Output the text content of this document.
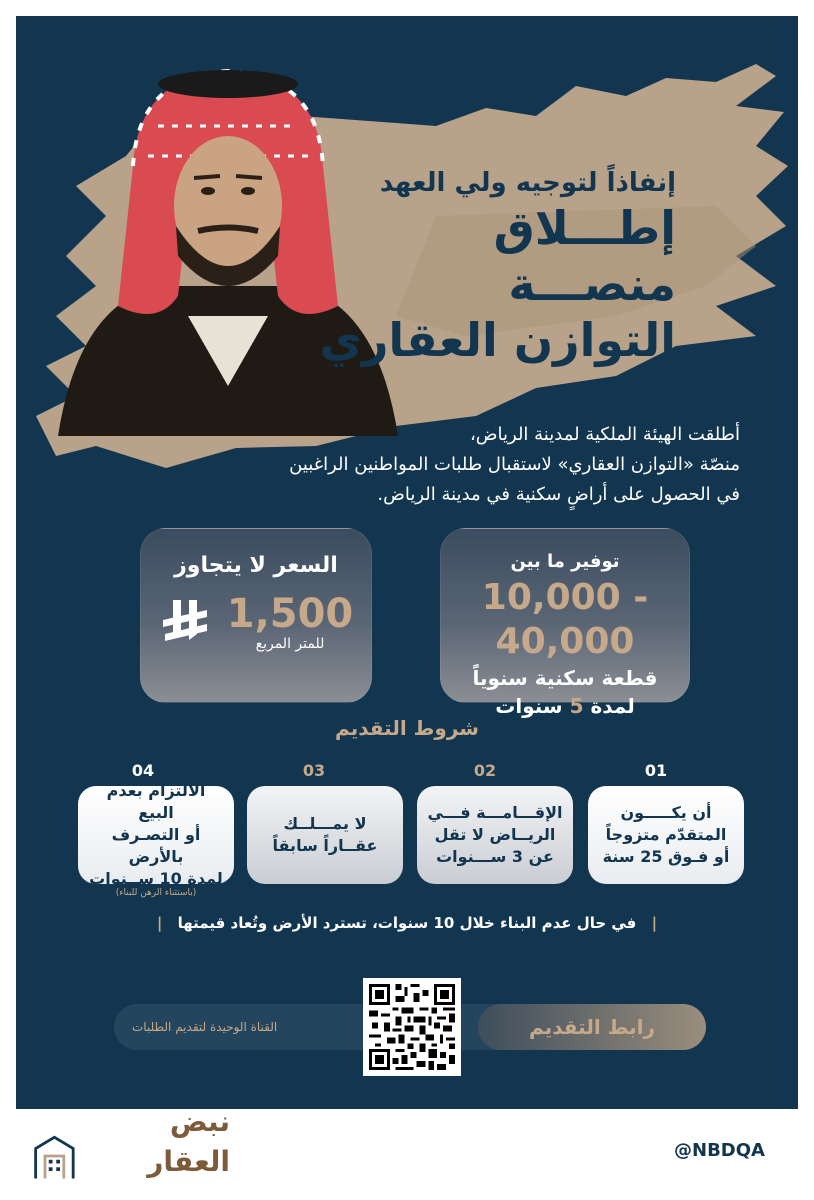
إنفاذاً لتوجيه ولي العهد
إطـــلاق منصـــة
التوازن العقاري
أطلقت الهيئة الملكية لمدينة الرياض،
منصّة «التوازن العقاري» لاستقبال طلبات المواطنين الراغبين
في الحصول على أراضٍ سكنية في مدينة الرياض.
السعر لا يتجاوز
1,500
للمتر المربع
توفير ما بين
10,000 - 40,000
قطعة سكنية سنوياً
لمدة 5 سنوات
شروط التقديم
01
02
03
04
أن يكـــــون
المتقدّم متزوجاً
أو فـوق 25 سنة
الإقـــامـــة فـــي
الريــاض لا تقل
عن 3 ســـنوات
لا يمـــلــك
عقــاراً سابقاً
الالتزام بعدم البيع
أو التصـرف بالأرض
لمدة 10 ســنوات
(باستثناء الرهن للبناء)
| في حال عدم البناء خلال 10 سنوات، تسترد الأرض وتُعاد قيمتها |
رابط التقديم
القناة الوحيدة لتقديم الطلبات
@NBDQA
نبض العقار
